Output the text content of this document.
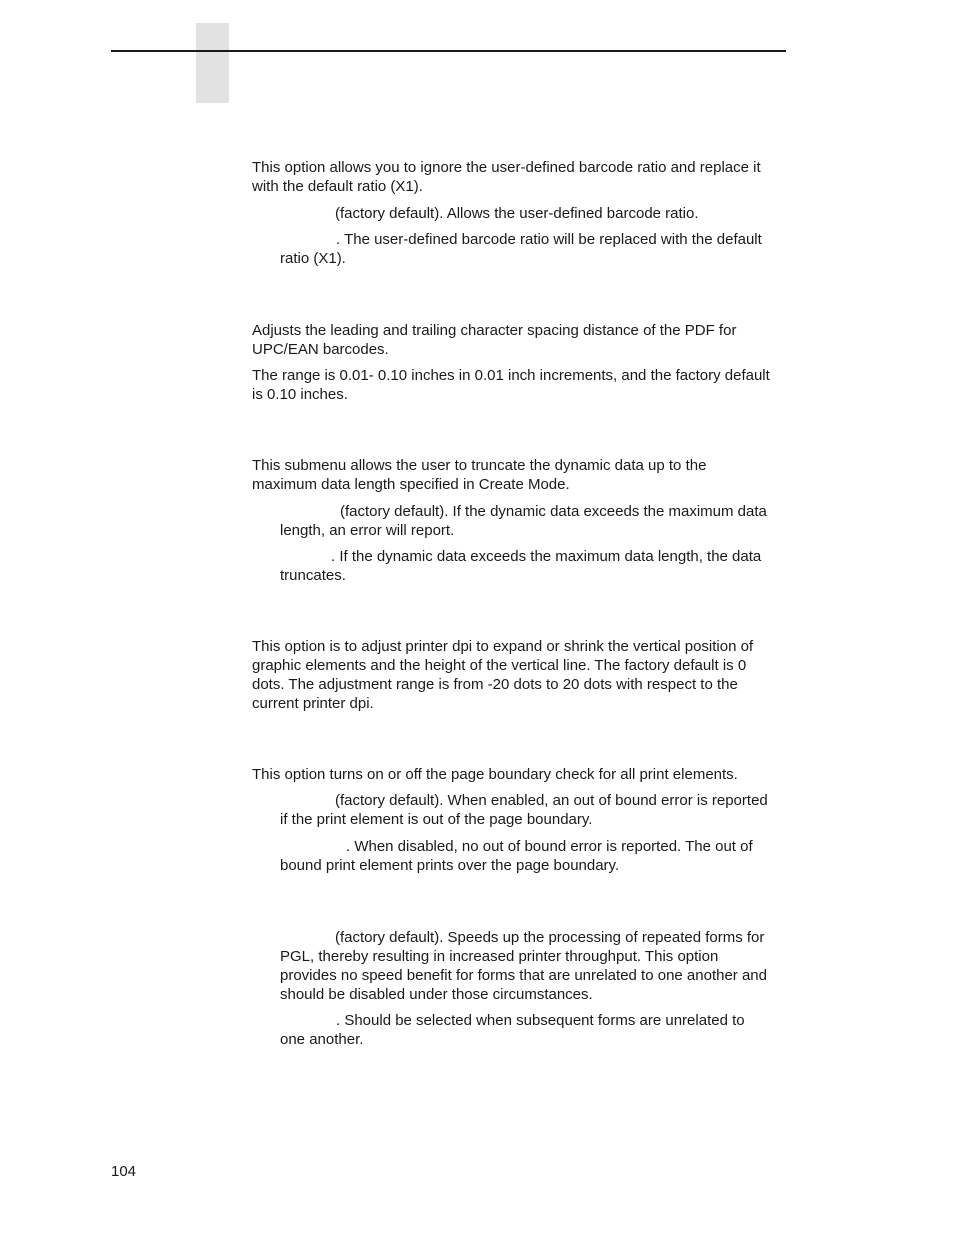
This option allows you to ignore the user-defined barcode ratio and replace it
with the default ratio (X1).

(factory default). Allows the user-defined barcode ratio.

. The user-defined barcode ratio will be replaced with the default
ratio (X1).

Adjusts the leading and trailing character spacing distance of the PDF for
UPC/EAN barcodes.

The range is 0.01- 0.10 inches in 0.01 inch increments, and the factory default
is 0.10 inches.

This submenu allows the user to truncate the dynamic data up to the
maximum data length specified in Create Mode.

(factory default). If the dynamic data exceeds the maximum data
length, an error will report.

. If the dynamic data exceeds the maximum data length, the data
truncates.

This option is to adjust printer dpi to expand or shrink the vertical position of
graphic elements and the height of the vertical line. The factory default is 0
dots. The adjustment range is from -20 dots to 20 dots with respect to the
current printer dpi.

This option turns on or off the page boundary check for all print elements.

(factory default). When enabled, an out of bound error is reported
if the print element is out of the page boundary.

. When disabled, no out of bound error is reported. The out of
bound print element prints over the page boundary.

(factory default). Speeds up the processing of repeated forms for
PGL, thereby resulting in increased printer throughput. This option
provides no speed benefit for forms that are unrelated to one another and
should be disabled under those circumstances.

. Should be selected when subsequent forms are unrelated to
one another.

104
